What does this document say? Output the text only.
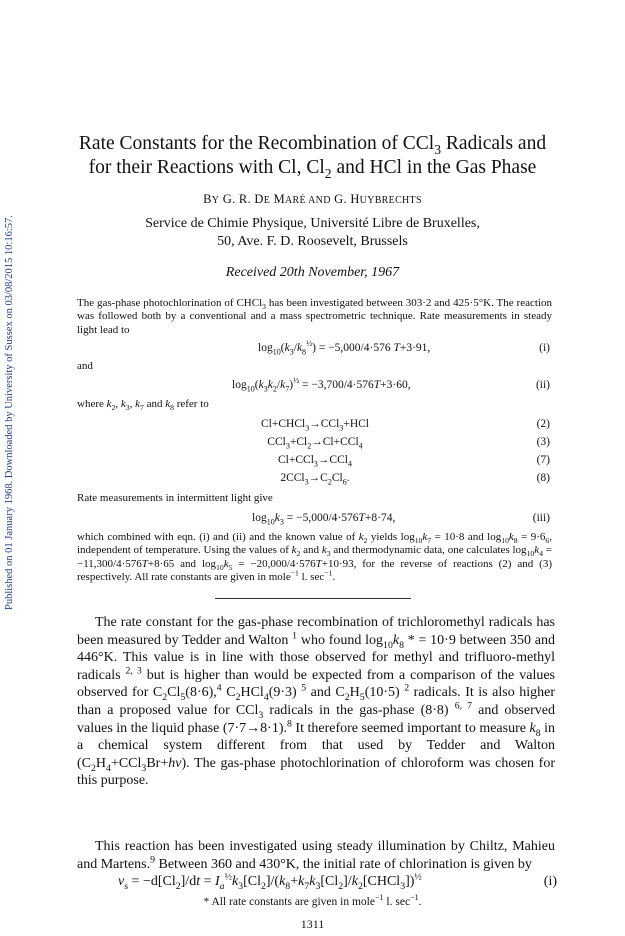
Published on 01 January 1968. Downloaded by University of Sussex on 03/08/2015 10:16:57.
Rate Constants for the Recombination of CCl$_3$ Radicals and
for their Reactions with Cl, $Cl_2$ and HCl in the Gas Phase
BY G. R. DE MARÉ AND G. HUYBRECHTS
Service de Chimie Physique, Université Libre de Bruxelles,
50, Ave. F. D. Roosevelt, Brussels
Received 20th November, 1967
The gas-phase photochlorination of CHCl$_3$ has been investigated between 303·2 and 425·5°K. The reaction was followed both by a conventional and a mass spectrometric technique. Rate measurements in steady light lead to
$\log_{10}(k_3/k_8^{\frac{1}{2}}) = -5,000/4\cdot 576$ T+3·91,	(i)
and
$\log_{10}(k_3k_2/k_7)^{\frac{1}{2}} = -3,700/4\cdot 576T+3\cdot 60$,	(ii)
where $k_2$, $k_3$, $k_7$ and $k_8$ refer to
Cl+CHCl$_3$→CCl$_3$+HCl	(2)
$CCl_3+Cl_2\to Cl+CCl_4$	(3)
Cl+CCl$_3$→CCl$_4$	(7)
$2CCl_3\to C_2Cl_6$.	(8)
Rate measurements in intermittent light give
$\log_{10}k_3 = -5,000/4\cdot 576T+8\cdot 74$,	(iii)
which combined with eqn. (i) and (ii) and the known value of $k_2$ yields $\log_{10}k_7 = 10\cdot 8$ and $\log_{10}k_8 = 9\cdot 6_6$, independent of temperature. Using the values of $k_2$ and $k_3$ and thermodynamic data, one calculates $\log_{10}k_4 = -11,300/4\cdot 576T+8\cdot 65$ and $\log_{10}k_5 = -20,000/4\cdot 576T+10\cdot 93$, for the reverse of reactions (2) and (3) respectively. All rate constants are given in mole$^{-1}$ l. $\sec^{-1}$.
The rate constant for the gas-phase recombination of trichloromethyl radicals has been measured by Tedder and Walton $^1$ who found $\log_{10}k_8$ * = 10·9 between 350 and 446°K. This value is in line with those observed for methyl and trifluoro-methyl radicals $^{2, 3}$ but is higher than would be expected from a comparison of the values observed for $C_2Cl_5(8\cdot 6),^4$ $C_2HCl_4(9\cdot 3)$ $^5$ and $C_2H_5(10\cdot 5)$ $^2$ radicals. It is also higher than a proposed value for CCl$_3$ radicals in the gas-phase (8·8) $^{6, 7}$ and observed values in the liquid phase (7·7→8·1).$^8$ It therefore seemed important to measure $k_8$ in a chemical system different from that used by Tedder and Walton $(C_2H_4+CCl_3Br+h\nu)$. The gas-phase photochlorination of chloroform was chosen for this purpose.
This reaction has been investigated using steady illumination by Chiltz, Mahieu and Martens.$^9$ Between 360 and 430°K, the initial rate of chlorination is given by
$v_s = -d[Cl_2]/dt$ = $I_a^{\frac{1}{2}}k_3[Cl_2]/(k_8+k_7k_3[Cl_2]/k_2[CHCl_3])^{\frac{1}{2}}$	(i)
* All rate constants are given in mole$^{-1}$ l. $\sec^{-1}$.
1311
